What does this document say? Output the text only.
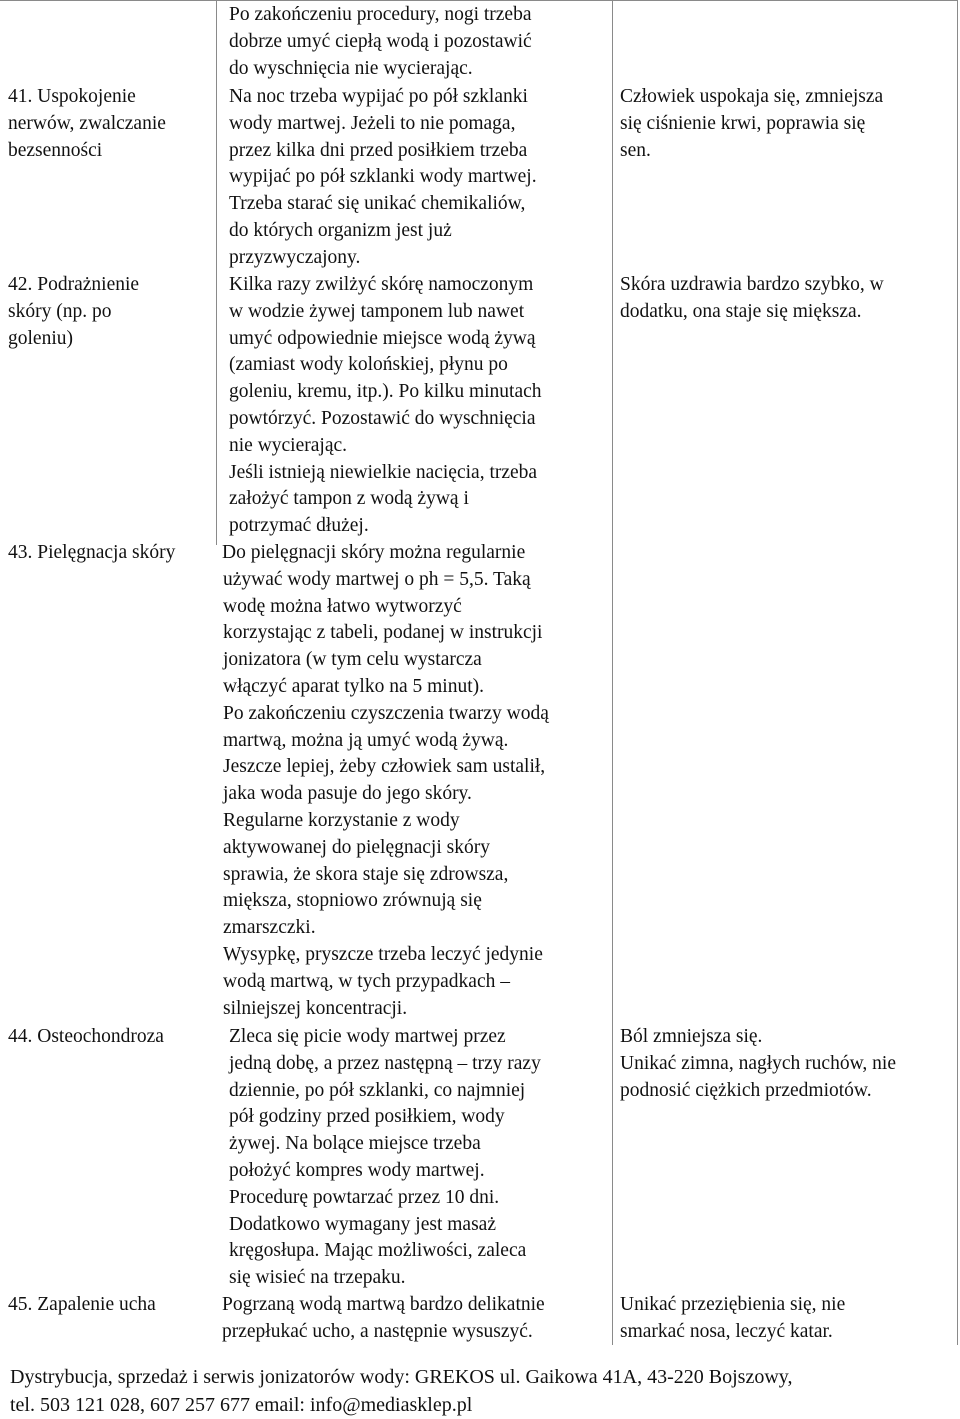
41. Uspokojenie
nerwów, zwalczanie
bezsenności
Po zakończeniu procedury, nogi trzeba
dobrze umyć ciepłą wodą i pozostawić
do wyschnięcia nie wycierając.
Na noc trzeba wypijać po pół szklanki
wody martwej. Jeżeli to nie pomaga,
przez kilka dni przed posiłkiem trzeba
wypijać po pół szklanki wody martwej.
Trzeba starać się unikać chemikaliów,
do których organizm jest już
przyzwyczajony.
Człowiek uspokaja się, zmniejsza
się ciśnienie krwi, poprawia się
sen.
42. Podrażnienie
skóry (np. po
goleniu)
Kilka razy zwilżyć skórę namoczonym
w wodzie żywej tamponem lub nawet
umyć odpowiednie miejsce wodą żywą
(zamiast wody kolońskiej, płynu po
goleniu, kremu, itp.). Po kilku minutach
powtórzyć. Pozostawić do wyschnięcia
nie wycierając.
Jeśli istnieją niewielkie nacięcia, trzeba
założyć tampon z wodą żywą i
potrzymać dłużej.
Skóra uzdrawia bardzo szybko, w
dodatku, ona staje się miększa.
43. Pielęgnacja skóry Do pielęgnacji skóry można regularnie
używać wody martwej o ph = 5,5. Taką
wodę można łatwo wytworzyć
korzystając z tabeli, podanej w instrukcji
jonizatora (w tym celu wystarcza
włączyć aparat tylko na 5 minut).
Po zakończeniu czyszczenia twarzy wodą
martwą, można ją umyć wodą żywą.
Jeszcze lepiej, żeby człowiek sam ustalił,
jaka woda pasuje do jego skóry.
Regularne korzystanie z wody
aktywowanej do pielęgnacji skóry
sprawia, że skora staje się zdrowsza,
miększa, stopniowo zrównują się
zmarszczki.
Wysypkę, pryszcze trzeba leczyć jedynie
wodą martwą, w tych przypadkach –
silniejszej koncentracji.
44. Osteochondroza	Zleca się picie wody martwej przez
jedną dobę, a przez następną – trzy razy
dziennie, po pół szklanki, co najmniej
pół godziny przed posiłkiem, wody
żywej. Na bolące miejsce trzeba
położyć kompres wody martwej.
Procedurę powtarzać przez 10 dni.
Dodatkowo wymagany jest masaż
kręgosłupa. Mając możliwości, zaleca
się wisieć na trzepaku.
Ból zmniejsza się.
Unikać zimna, nagłych ruchów, nie
podnosić ciężkich przedmiotów.
45. Zapalenie ucha	Pogrzaną wodą martwą bardzo delikatnie
przepłukać ucho, a następnie wysuszyć.
Unikać przeziębienia się, nie
smarkać nosa, leczyć katar.
Dystrybucja, sprzedaż i serwis jonizatorów wody: GREKOS ul. Gaikowa 41A, 43-220 Bojszowy,
tel. 503 121 028, 607 257 677 email: info@mediasklep.pl
